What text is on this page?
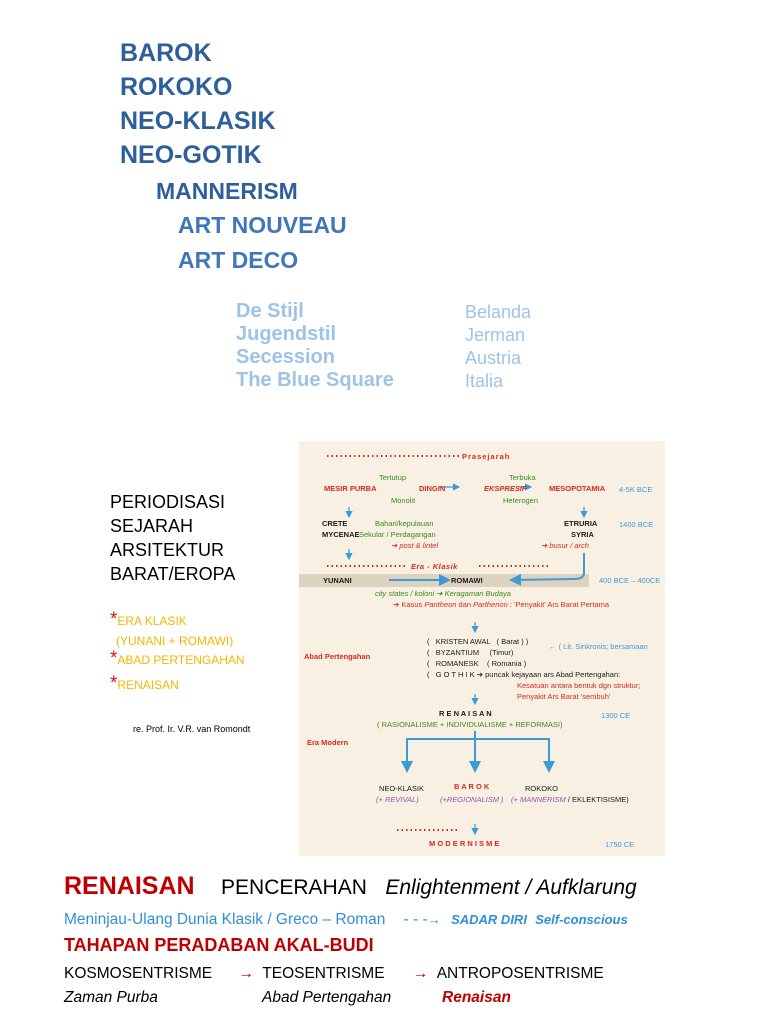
BAROK
ROKOKO
NEO-KLASIK
NEO-GOTIK
MANNERISM
ART NOUVEAU
ART DECO
De Stijl	Belanda
Jugendstil	Jerman
Secession	Austria
The Blue Square	Italia
PERIODISASI
SEJARAH
ARSITEKTUR
BARAT/EROPA
*ERA KLASIK
(YUNANI + ROMAWI)
*ABAD PERTENGAHAN
*RENAISAN
re. Prof. Ir. V.R. van Romondt
Prasejarah
Tertutup	Terbuka
MESIR PURBA	DINGIN	EKSPRESIF	MESOPOTAMIA 4-5K BCE
Monolit	Heterogen
CRETE
MYCENAE
Bahari/kepulauan
Sekular / Perdagangan
➔ post & lintel
ETRURIA
SYRIA
➔ busur / arch
1400 BCE
Era - Klasik
YUNANI	ROMAWI	400 BCE – 400CE
city states / koloni ➔ Keragaman Budaya
➔ Kasus Pantheon dan Parthenon : 'Penyakit' Ars Barat Pertama
Abad Pertengahan
(   KRISTEN AWAL ( Barat ) )
(   BYZANTIUM (Timur)
(   ROMANESK ( Romania )
(   G O T H I K ➔ puncak kejayaan ars Abad Pertengahan:
← ( Lit. Sinkronis; bersamaan
Kesatuan antara bentuk dgn struktur;
Penyakit Ars Barat 'sembuh'
R E N A I S A N
( RASIONALISME + INDIVIDUALISME + REFORMASI)
1300 CE
Era Modern
NEO-KLASIK	B A R O K	ROKOKO
(+ REVIVAL)	(+REGIONALISM ) (+ MANNERISM / EKLEKTISISME)
M O D E R N I S M E	1750 CE
RENAISAN PENCERAHAN Enlightenment / Aufklarung
Meninjau-Ulang Dunia Klasik / Greco – Roman - - -→ SADAR DIRI Self-conscious
TAHAPAN PERADABAN AKAL-BUDI
KOSMOSENTRISME → TEOSENTRISME → ANTROPOSENTRISME
Zaman Purba	Abad Pertengahan	Renaisan
